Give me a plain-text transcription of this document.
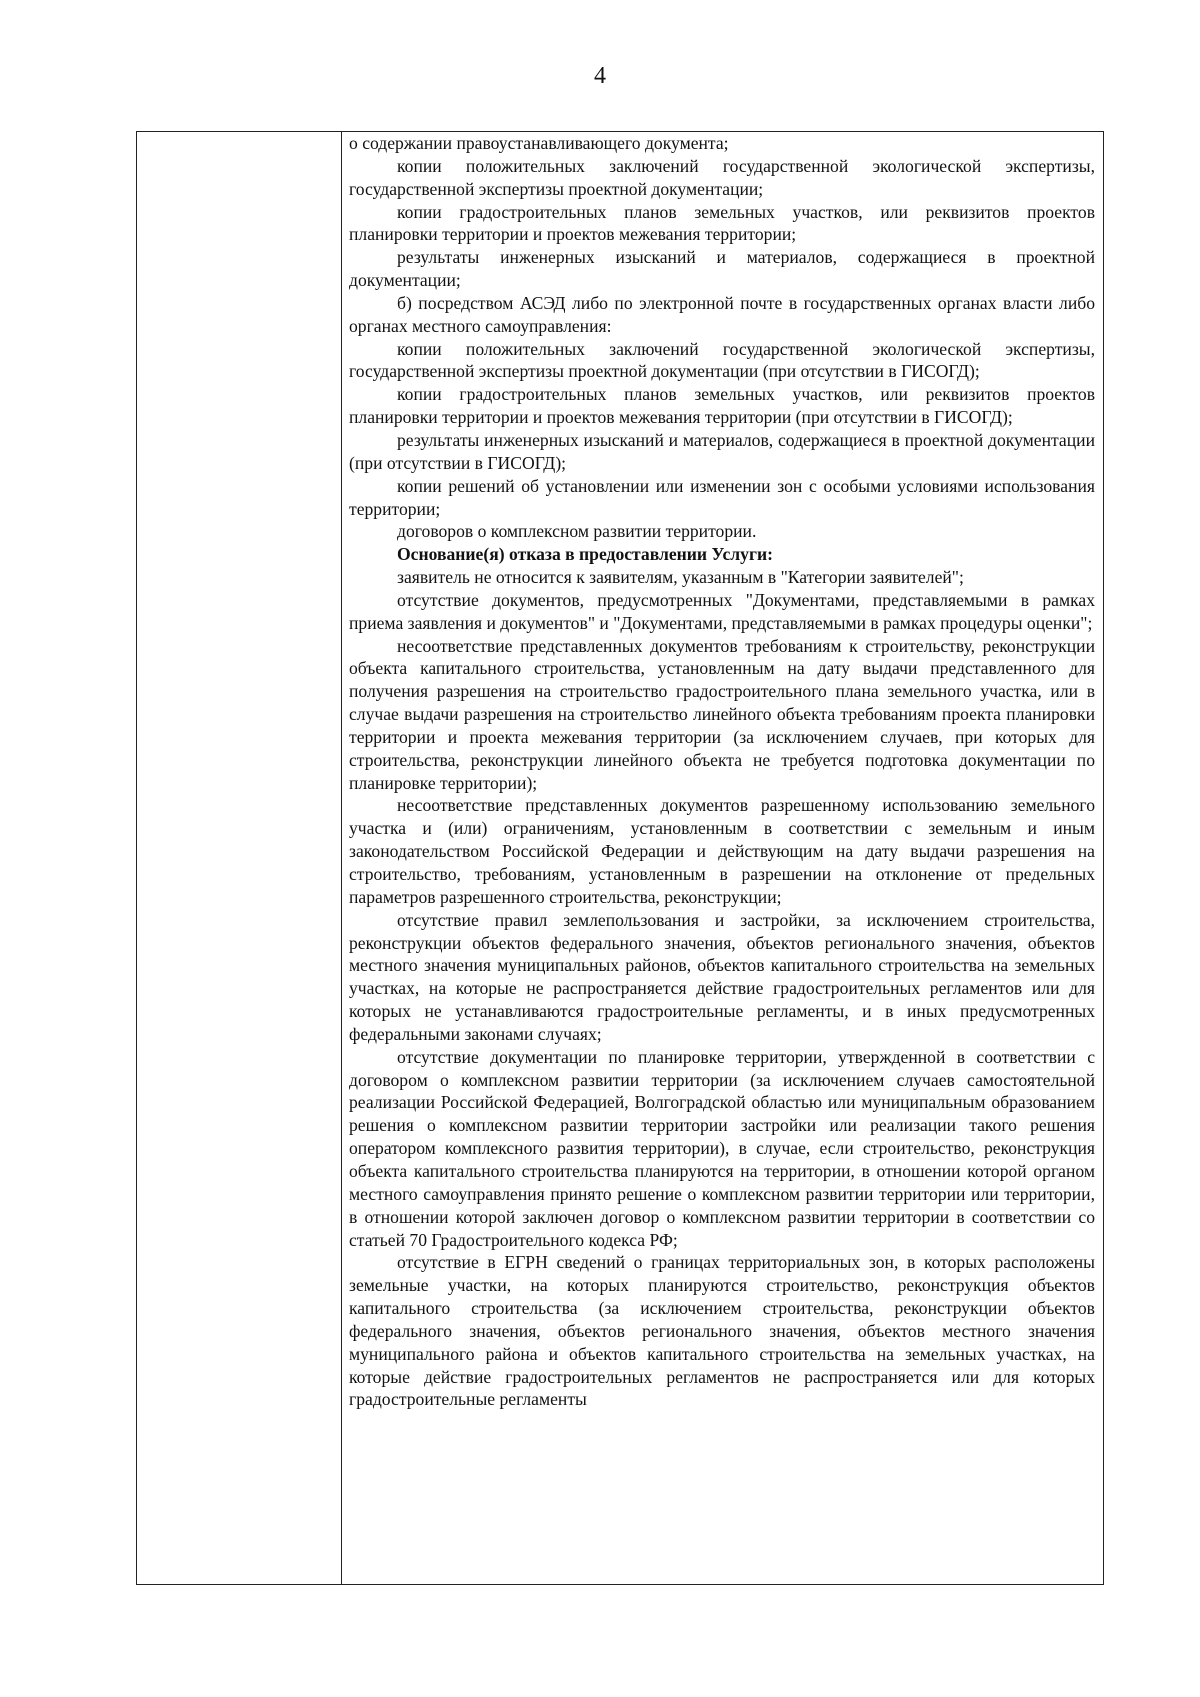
4

о содержании правоустанавливающего документа;

копии положительных заключений государственной экологической экспертизы, государственной экспертизы проектной документации;

копии градостроительных планов земельных участков, или реквизитов проектов планировки территории и проектов межевания территории;

результаты инженерных изысканий и материалов, содержащиеся в проектной документации;

б) посредством АСЭД либо по электронной почте в государственных органах власти либо органах местного самоуправления:

копии положительных заключений государственной экологической экспертизы, государственной экспертизы проектной документации (при отсутствии в ГИСОГД);

копии градостроительных планов земельных участков, или реквизитов проектов планировки территории и проектов межевания территории (при отсутствии в ГИСОГД);

результаты инженерных изысканий и материалов, содержащиеся в проектной документации (при отсутствии в ГИСОГД);

копии решений об установлении или изменении зон с особыми условиями использования территории;

договоров о комплексном развитии территории.

Основание(я) отказа в предоставлении Услуги:

заявитель не относится к заявителям, указанным в "Категории заявителей";

отсутствие документов, предусмотренных "Документами, представляемыми в рамках приема заявления и документов" и "Документами, представляемыми в рамках процедуры оценки";

несоответствие представленных документов требованиям к строительству, реконструкции объекта капитального строительства, установленным на дату выдачи представленного для получения разрешения на строительство градостроительного плана земельного участка, или в случае выдачи разрешения на строительство линейного объекта требованиям проекта планировки территории и проекта межевания территории (за исключением случаев, при которых для строительства, реконструкции линейного объекта не требуется подготовка документации по планировке территории);

несоответствие представленных документов разрешенному использованию земельного участка и (или) ограничениям, установленным в соответствии с земельным и иным законодательством Российской Федерации и действующим на дату выдачи разрешения на строительство, требованиям, установленным в разрешении на отклонение от предельных параметров разрешенного строительства, реконструкции;

отсутствие правил землепользования и застройки, за исключением строительства, реконструкции объектов федерального значения, объектов регионального значения, объектов местного значения муниципальных районов, объектов капитального строительства на земельных участках, на которые не распространяется действие градостроительных регламентов или для которых не устанавливаются градостроительные регламенты, и в иных предусмотренных федеральными законами случаях;

отсутствие документации по планировке территории, утвержденной в соответствии с договором о комплексном развитии территории (за исключением случаев самостоятельной реализации Российской Федерацией, Волгоградской областью или муниципальным образованием решения о комплексном развитии территории застройки или реализации такого решения оператором комплексного развития территории), в случае, если строительство, реконструкция объекта капитального строительства планируются на территории, в отношении которой органом местного самоуправления принято решение о комплексном развитии территории или территории, в отношении которой заключен договор о комплексном развитии территории в соответствии со статьей 70 Градостроительного кодекса РФ;

отсутствие в ЕГРН сведений о границах территориальных зон, в которых расположены земельные участки, на которых планируются строительство, реконструкция объектов капитального строительства (за исключением строительства, реконструкции объектов федерального значения, объектов регионального значения, объектов местного значения муниципального района и объектов капитального строительства на земельных участках, на которые действие градостроительных регламентов не распространяется или для которых градостроительные регламенты
